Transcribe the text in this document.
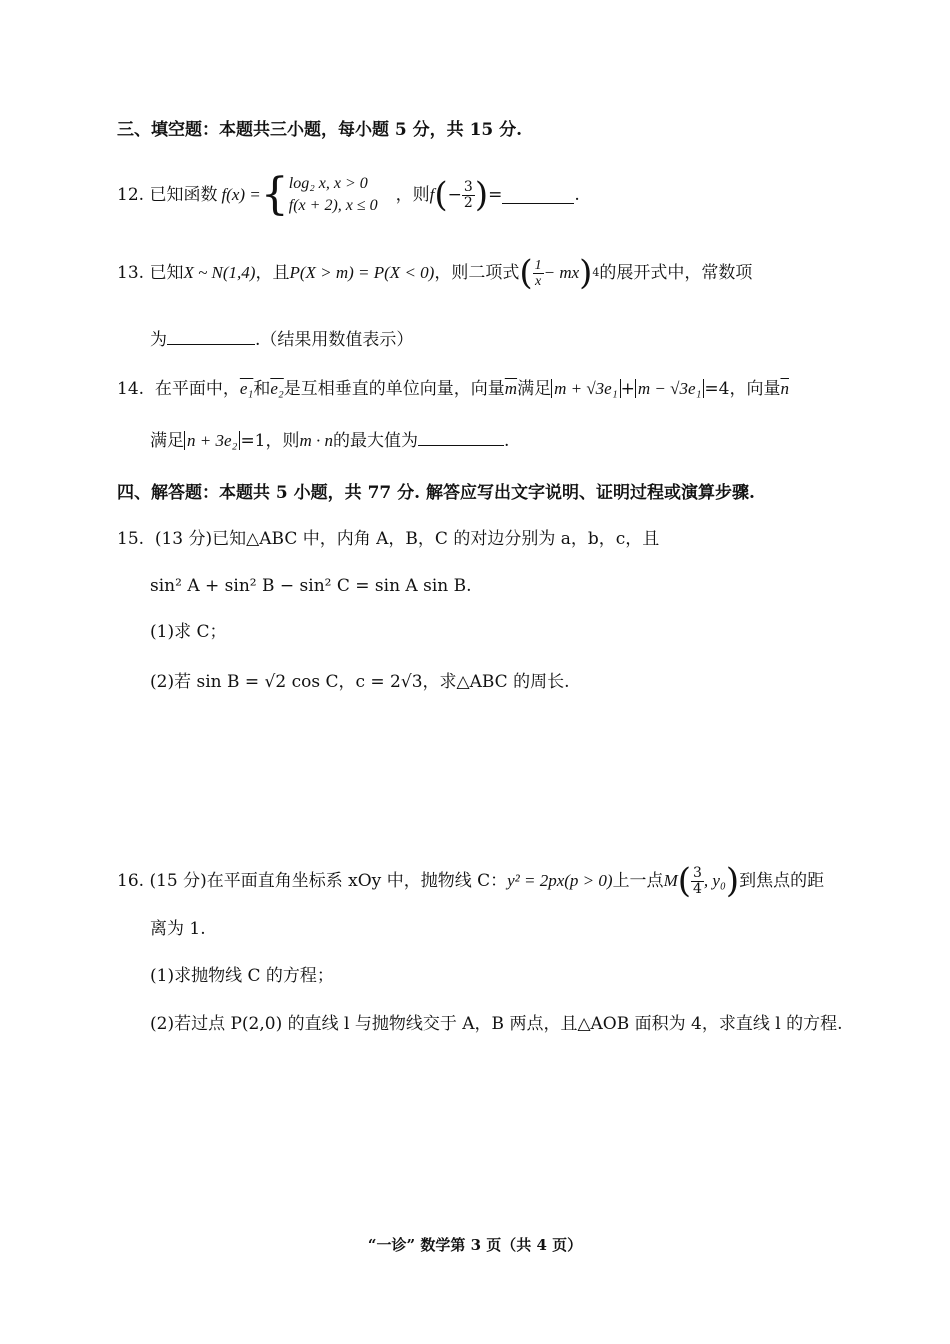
三、填空题：本题共三小题，每小题 5 分，共 15 分.
12.
已知函数 f(x) = { log₂ x, x > 0
f(x + 2), x ≤ 0
，则 f ( − $\frac{3}{2}$ ) =	.
13.
已知 X ~ N(1,4) ，且 P(X > m) = P(X < 0) ，则二项式 ( $\frac{1}{x}$ − mx ) 4 的展开式中，常数项
为	.（结果用数值表示）
14. 在平面中，e₁和e₂是互相垂直的单位向量，向量$\overline{m}$满足 m + √3e₁ + m − √3e₁ =4，向量$\overline{n}$
满足 n + 3e₂ =1，则m · n的最大值为	.
四、解答题：本题共 5 小题，共 77 分. 解答应写出文字说明、证明过程或演算步骤.
15. (13 分)已知△ABC 中，内角 A，B，C 的对边分别为 a，b，c，且
sin² A + sin² B − sin² C = sin A sin B.
(1)求 C；
(2)若 sin B = √2 cos C，c = 2√3，求△ABC 的周长.
16.
(15 分)在平面直角坐标系 xOy 中，抛物线 C： y² = 2px(p > 0) 上一点 M ( $\frac{3}{4}$ , y₀ ) 到焦点的距
离为 1.
(1)求抛物线 C 的方程；
(2)若过点 P(2,0) 的直线 l 与抛物线交于 A，B 两点，且△AOB 面积为 4，求直线 l 的方程.
“一诊” 数学第 3 页（共 4 页）
